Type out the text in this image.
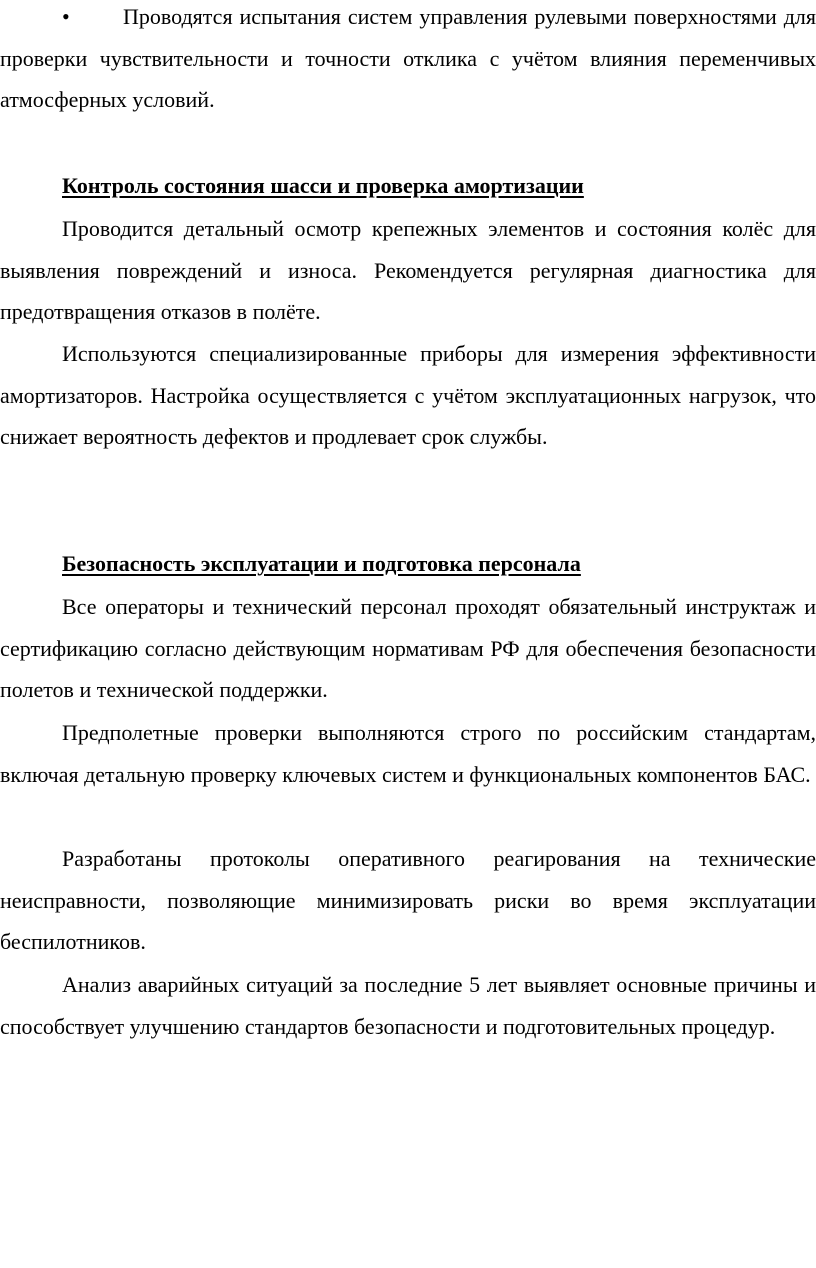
• Проводятся испытания систем управления рулевыми поверхностями для проверки чувствительности и точности отклика с учётом влияния переменчивых атмосферных условий.

Контроль состояния шасси и проверка амортизации

Проводится детальный осмотр крепежных элементов и состояния колёс для выявления повреждений и износа. Рекомендуется регулярная диагностика для предотвращения отказов в полёте.

Используются специализированные приборы для измерения эффективности амортизаторов. Настройка осуществляется с учётом эксплуатационных нагрузок, что снижает вероятность дефектов и продлевает срок службы.

Безопасность эксплуатации и подготовка персонала

Все операторы и технический персонал проходят обязательный инструктаж и сертификацию согласно действующим нормативам РФ для обеспечения безопасности полетов и технической поддержки.

Предполетные проверки выполняются строго по российским стандартам, включая детальную проверку ключевых систем и функциональных компонентов БАС.

Разработаны протоколы оперативного реагирования на технические неисправности, позволяющие минимизировать риски во время эксплуатации беспилотников.

Анализ аварийных ситуаций за последние 5 лет выявляет основные причины и способствует улучшению стандартов безопасности и подготовительных процедур.
